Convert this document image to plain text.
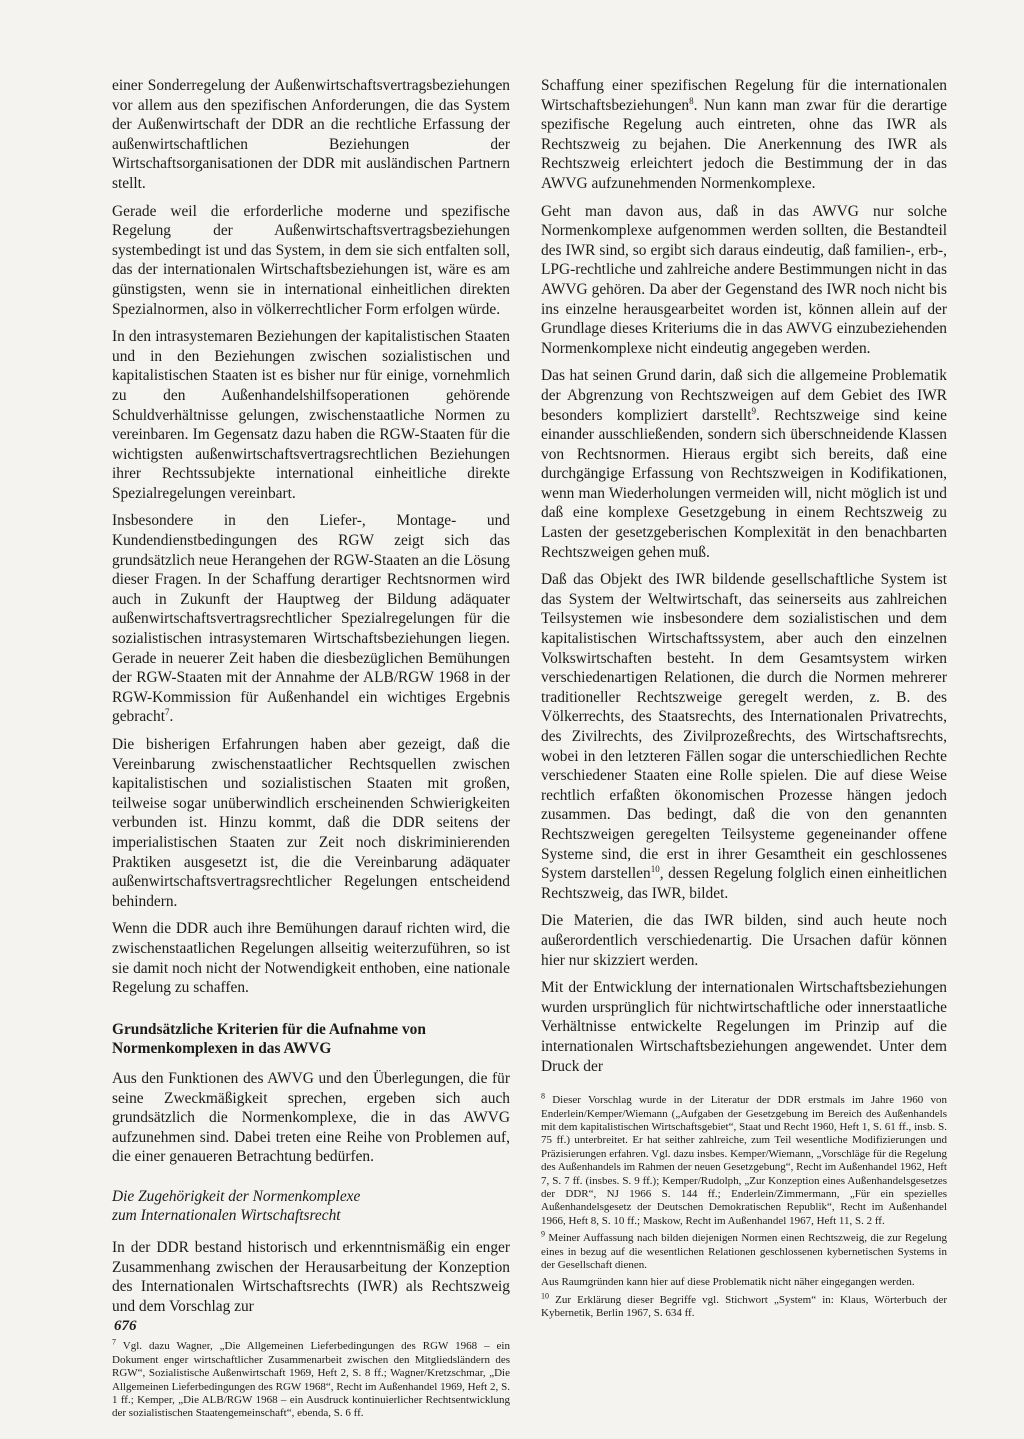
einer Sonderregelung der Außenwirtschaftsvertragsbeziehungen vor allem aus den spezifischen Anforderungen, die das System der Außenwirtschaft der DDR an die rechtliche Erfassung der außenwirtschaftlichen Beziehungen der Wirtschaftsorganisationen der DDR mit ausländischen Partnern stellt.

Gerade weil die erforderliche moderne und spezifische Regelung der Außenwirtschaftsvertragsbeziehungen systembedingt ist und das System, in dem sie sich entfalten soll, das der internationalen Wirtschaftsbeziehungen ist, wäre es am günstigsten, wenn sie in international einheitlichen direkten Spezialnormen, also in völkerrechtlicher Form erfolgen würde.

In den intrasystemaren Beziehungen der kapitalistischen Staaten und in den Beziehungen zwischen sozialistischen und kapitalistischen Staaten ist es bisher nur für einige, vornehmlich zu den Außenhandelshilfsoperationen gehörende Schuldverhältnisse gelungen, zwischenstaatliche Normen zu vereinbaren. Im Gegensatz dazu haben die RGW-Staaten für die wichtigsten außenwirtschaftsvertragsrechtlichen Beziehungen ihrer Rechtssubjekte international einheitliche direkte Spezialregelungen vereinbart.

Insbesondere in den Liefer-, Montage- und Kundendienstbedingungen des RGW zeigt sich das grundsätzlich neue Herangehen der RGW-Staaten an die Lösung dieser Fragen. In der Schaffung derartiger Rechtsnormen wird auch in Zukunft der Hauptweg der Bildung adäquater außenwirtschaftsvertragsrechtlicher Spezialregelungen für die sozialistischen intrasystemaren Wirtschaftsbeziehungen liegen. Gerade in neuerer Zeit haben die diesbezüglichen Bemühungen der RGW-Staaten mit der Annahme der ALB/RGW 1968 in der RGW-Kommission für Außenhandel ein wichtiges Ergebnis gebracht$^7$.

Die bisherigen Erfahrungen haben aber gezeigt, daß die Vereinbarung zwischenstaatlicher Rechtsquellen zwischen kapitalistischen und sozialistischen Staaten mit großen, teilweise sogar unüberwindlich erscheinenden Schwierigkeiten verbunden ist. Hinzu kommt, daß die DDR seitens der imperialistischen Staaten zur Zeit noch diskriminierenden Praktiken ausgesetzt ist, die die Vereinbarung adäquater außenwirtschaftsvertragsrechtlicher Regelungen entscheidend behindern.

Wenn die DDR auch ihre Bemühungen darauf richten wird, die zwischenstaatlichen Regelungen allseitig weiterzuführen, so ist sie damit noch nicht der Notwendigkeit enthoben, eine nationale Regelung zu schaffen.

Grundsätzliche Kriterien für die Aufnahme von Normenkomplexen in das AWVG

Aus den Funktionen des AWVG und den Überlegungen, die für seine Zweckmäßigkeit sprechen, ergeben sich auch grundsätzlich die Normenkomplexe, die in das AWVG aufzunehmen sind. Dabei treten eine Reihe von Problemen auf, die einer genaueren Betrachtung bedürfen.

Die Zugehörigkeit der Normenkomplexe
zum Internationalen Wirtschaftsrecht

In der DDR bestand historisch und erkenntnismäßig ein enger Zusammenhang zwischen der Herausarbeitung der Konzeption des Internationalen Wirtschaftsrechts (IWR) als Rechtszweig und dem Vorschlag zur

$^7$ Vgl. dazu Wagner, „Die Allgemeinen Lieferbedingungen des RGW 1968 – ein Dokument enger wirtschaftlicher Zusammenarbeit zwischen den Mitgliedsländern des RGW“, Sozialistische Außenwirtschaft 1969, Heft 2, S. 8 ff.; Wagner/Kretzschmar, „Die Allgemeinen Lieferbedingungen des RGW 1968“, Recht im Außenhandel 1969, Heft 2, S. 1 ff.; Kemper, „Die ALB/RGW 1968 – ein Ausdruck kontinuierlicher Rechtsentwicklung der sozialistischen Staatengemeinschaft“, ebenda, S. 6 ff.

Schaffung einer spezifischen Regelung für die internationalen Wirtschaftsbeziehungen$^8$. Nun kann man zwar für die derartige spezifische Regelung auch eintreten, ohne das IWR als Rechtszweig zu bejahen. Die Anerkennung des IWR als Rechtszweig erleichtert jedoch die Bestimmung der in das AWVG aufzunehmenden Normenkomplexe.

Geht man davon aus, daß in das AWVG nur solche Normenkomplexe aufgenommen werden sollten, die Bestandteil des IWR sind, so ergibt sich daraus eindeutig, daß familien-, erb-, LPG-rechtliche und zahlreiche andere Bestimmungen nicht in das AWVG gehören. Da aber der Gegenstand des IWR noch nicht bis ins einzelne herausgearbeitet worden ist, können allein auf der Grundlage dieses Kriteriums die in das AWVG einzubeziehenden Normenkomplexe nicht eindeutig angegeben werden.

Das hat seinen Grund darin, daß sich die allgemeine Problematik der Abgrenzung von Rechtszweigen auf dem Gebiet des IWR besonders kompliziert darstellt$^9$. Rechtszweige sind keine einander ausschließenden, sondern sich überschneidende Klassen von Rechtsnormen. Hieraus ergibt sich bereits, daß eine durchgängige Erfassung von Rechtszweigen in Kodifikationen, wenn man Wiederholungen vermeiden will, nicht möglich ist und daß eine komplexe Gesetzgebung in einem Rechtszweig zu Lasten der gesetzgeberischen Komplexität in den benachbarten Rechtszweigen gehen muß.

Daß das Objekt des IWR bildende gesellschaftliche System ist das System der Weltwirtschaft, das seinerseits aus zahlreichen Teilsystemen wie insbesondere dem sozialistischen und dem kapitalistischen Wirtschaftssystem, aber auch den einzelnen Volkswirtschaften besteht. In dem Gesamtsystem wirken verschiedenartigen Relationen, die durch die Normen mehrerer traditioneller Rechtszweige geregelt werden, z. B. des Völkerrechts, des Staatsrechts, des Internationalen Privatrechts, des Zivilrechts, des Zivilprozeßrechts, des Wirtschaftsrechts, wobei in den letzteren Fällen sogar die unterschiedlichen Rechte verschiedener Staaten eine Rolle spielen. Die auf diese Weise rechtlich erfaßten ökonomischen Prozesse hängen jedoch zusammen. Das bedingt, daß die von den genannten Rechtszweigen geregelten Teilsysteme gegeneinander offene Systeme sind, die erst in ihrer Gesamtheit ein geschlossenes System darstellen$^{10}$, dessen Regelung folglich einen einheitlichen Rechtszweig, das IWR, bildet.

Die Materien, die das IWR bilden, sind auch heute noch außerordentlich verschiedenartig. Die Ursachen dafür können hier nur skizziert werden.

Mit der Entwicklung der internationalen Wirtschaftsbeziehungen wurden ursprünglich für nichtwirtschaftliche oder innerstaatliche Verhältnisse entwickelte Regelungen im Prinzip auf die internationalen Wirtschaftsbeziehungen angewendet. Unter dem Druck der

$^8$ Dieser Vorschlag wurde in der Literatur der DDR erstmals im Jahre 1960 von Enderlein/Kemper/Wiemann („Aufgaben der Gesetzgebung im Bereich des Außenhandels mit dem kapitalistischen Wirtschaftsgebiet“, Staat und Recht 1960, Heft 1, S. 61 ff., insb. S. 75 ff.) unterbreitet. Er hat seither zahlreiche, zum Teil wesentliche Modifizierungen und Präzisierungen erfahren. Vgl. dazu insbes. Kemper/Wiemann, „Vorschläge für die Regelung des Außenhandels im Rahmen der neuen Gesetzgebung“, Recht im Außenhandel 1962, Heft 7, S. 7 ff. (insbes. S. 9 ff.); Kemper/Rudolph, „Zur Konzeption eines Außenhandelsgesetzes der DDR“, NJ 1966 S. 144 ff.; Enderlein/Zimmermann, „Für ein spezielles Außenhandelsgesetz der Deutschen Demokratischen Republik“, Recht im Außenhandel 1966, Heft 8, S. 10 ff.; Maskow, Recht im Außenhandel 1967, Heft 11, S. 2 ff.
$^9$ Meiner Auffassung nach bilden diejenigen Normen einen Rechtszweig, die zur Regelung eines in bezug auf die wesentlichen Relationen geschlossenen kybernetischen Systems in der Gesellschaft dienen.
Aus Raumgründen kann hier auf diese Problematik nicht näher eingegangen werden.
$^{10}$ Zur Erklärung dieser Begriffe vgl. Stichwort „System“ in: Klaus, Wörterbuch der Kybernetik, Berlin 1967, S. 634 ff.
676
